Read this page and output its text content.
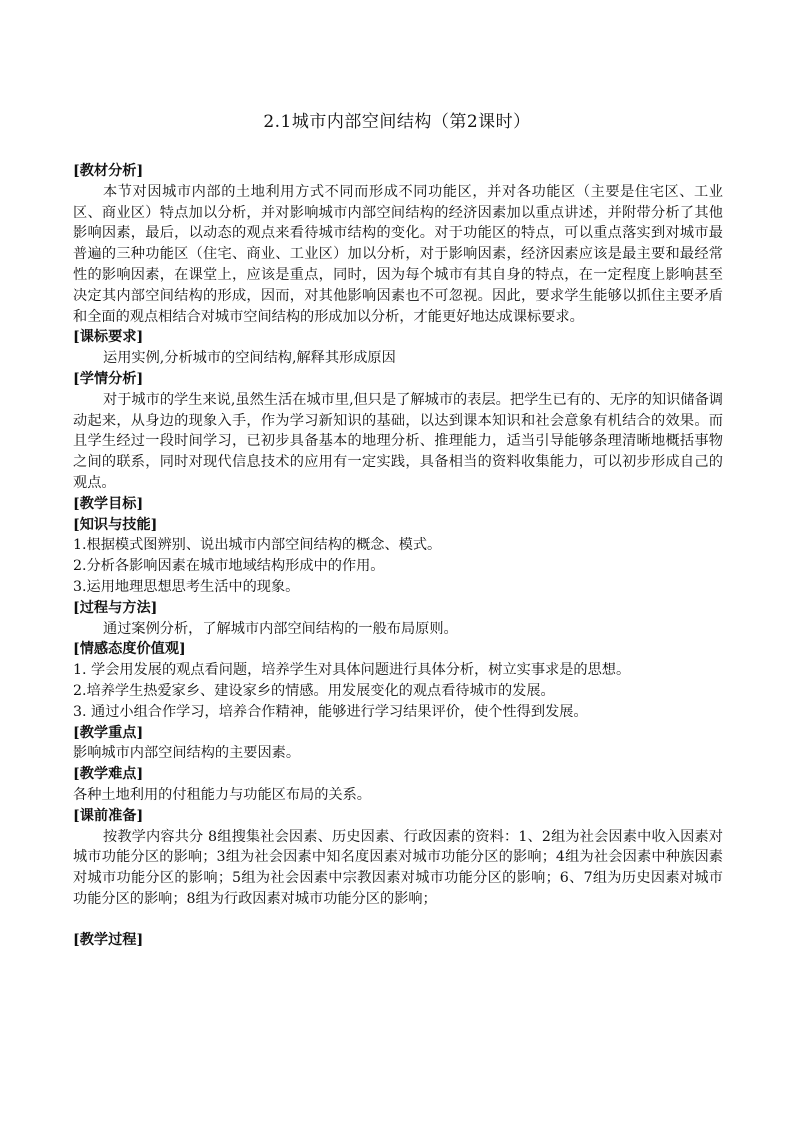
2.1城市内部空间结构（第2课时）
[教材分析]
本节对因城市内部的土地利用方式不同而形成不同功能区，并对各功能区（主要是住宅区、工业区、商业区）特点加以分析，并对影响城市内部空间结构的经济因素加以重点讲述，并附带分析了其他影响因素，最后，以动态的观点来看待城市结构的变化。对于功能区的特点，可以重点落实到对城市最普遍的三种功能区（住宅、商业、工业区）加以分析，对于影响因素，经济因素应该是最主要和最经常性的影响因素，在课堂上，应该是重点，同时，因为每个城市有其自身的特点，在一定程度上影响甚至决定其内部空间结构的形成，因而，对其他影响因素也不可忽视。因此，要求学生能够以抓住主要矛盾和全面的观点相结合对城市空间结构的形成加以分析，才能更好地达成课标要求。
[课标要求]
运用实例,分析城市的空间结构,解释其形成原因
[学情分析]
对于城市的学生来说,虽然生活在城市里,但只是了解城市的表层。把学生已有的、无序的知识储备调动起来，从身边的现象入手，作为学习新知识的基础，以达到课本知识和社会意象有机结合的效果。而且学生经过一段时间学习，已初步具备基本的地理分析、推理能力，适当引导能够条理清晰地概括事物之间的联系，同时对现代信息技术的应用有一定实践，具备相当的资料收集能力，可以初步形成自己的观点。
[教学目标]
[知识与技能]
1.根据模式图辨别、说出城市内部空间结构的概念、模式。
2.分析各影响因素在城市地域结构形成中的作用。
3.运用地理思想思考生活中的现象。
[过程与方法]
通过案例分析，了解城市内部空间结构的一般布局原则。
[情感态度价值观]
1. 学会用发展的观点看问题，培养学生对具体问题进行具体分析，树立实事求是的思想。
2.培养学生热爱家乡、建设家乡的情感。用发展变化的观点看待城市的发展。
3. 通过小组合作学习，培养合作精神，能够进行学习结果评价，使个性得到发展。
[教学重点]
影响城市内部空间结构的主要因素。
[教学难点]
各种土地利用的付租能力与功能区布局的关系。
[课前准备]
按教学内容共分 8组搜集社会因素、历史因素、行政因素的资料：1、2组为社会因素中收入因素对城市功能分区的影响；3组为社会因素中知名度因素对城市功能分区的影响；4组为社会因素中种族因素对城市功能分区的影响；5组为社会因素中宗教因素对城市功能分区的影响；6、7组为历史因素对城市功能分区的影响；8组为行政因素对城市功能分区的影响；
[教学过程]
